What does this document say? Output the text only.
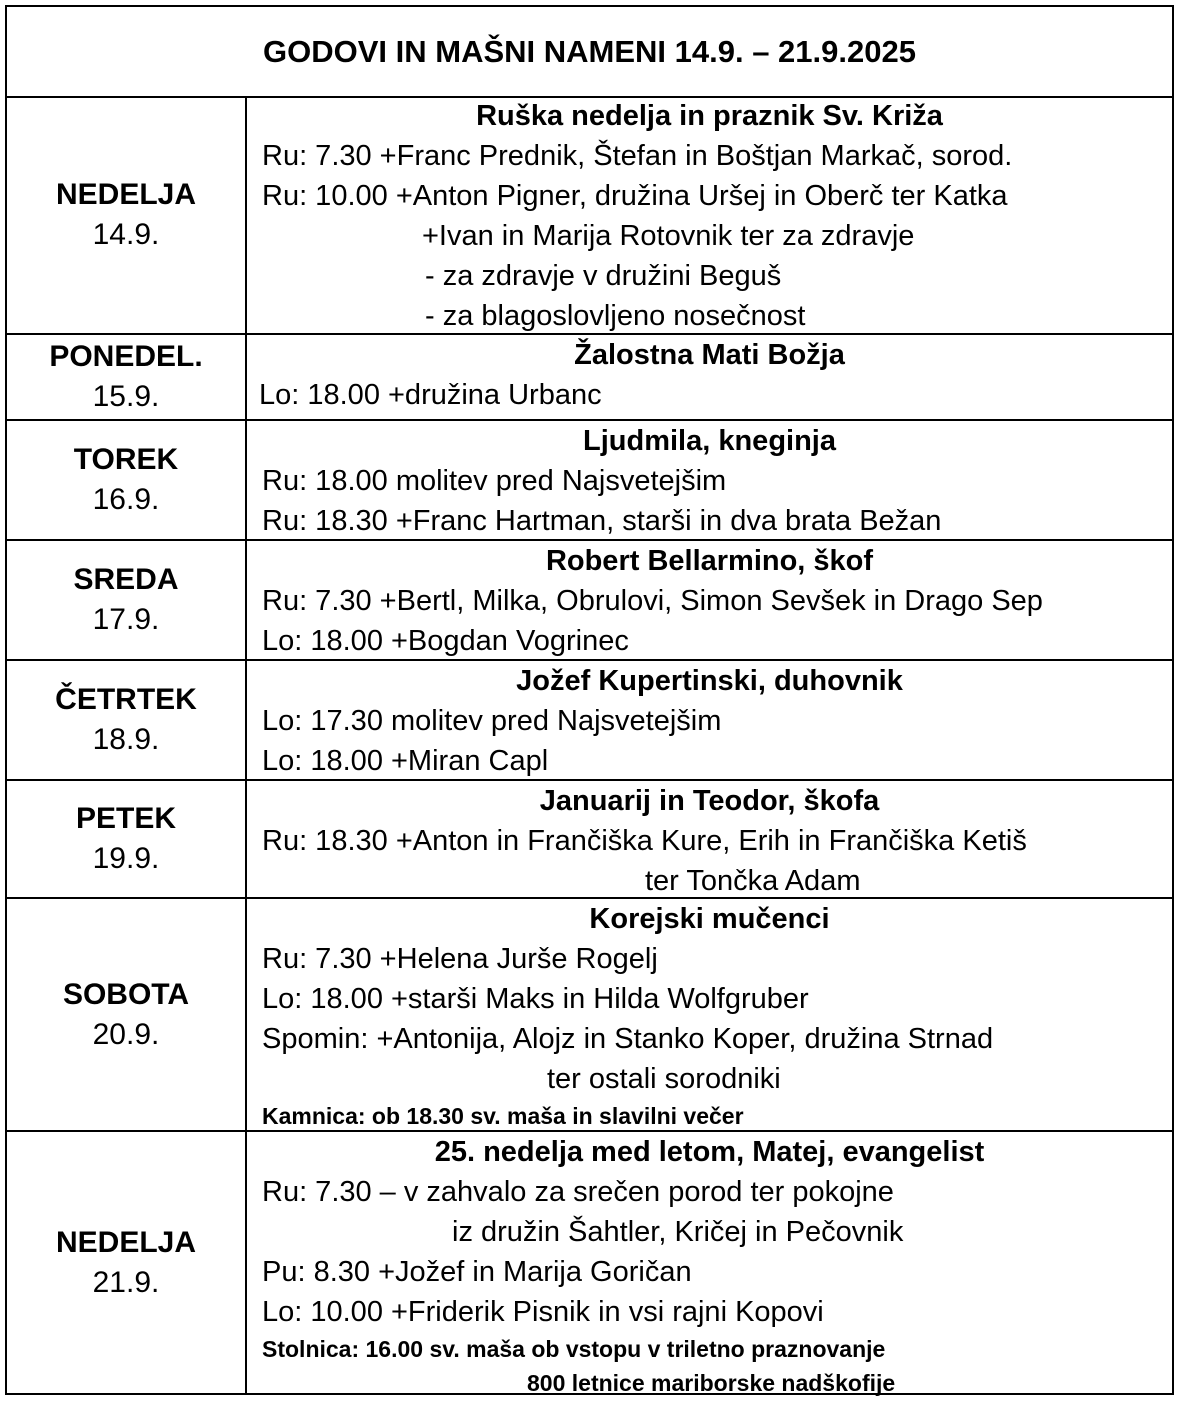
GODOVI IN MAŠNI NAMENI 14.9. – 21.9.2025
NEDELJA
14.9.
Ruška nedelja in praznik Sv. Križa
Ru: 7.30 +Franc Prednik, Štefan in Boštjan Markač, sorod.
Ru: 10.00 +Anton Pigner, družina Uršej in Oberč ter Katka
+Ivan in Marija Rotovnik ter za zdravje
- za zdravje v družini Beguš
- za blagoslovljeno nosečnost
PONEDEL.
15.9.
Žalostna Mati Božja
Lo: 18.00 +družina Urbanc
TOREK
16.9.
Ljudmila, kneginja
Ru: 18.00 molitev pred Najsvetejšim
Ru: 18.30 +Franc Hartman, starši in dva brata Bežan
SREDA
17.9.
Robert Bellarmino, škof
Ru: 7.30 +Bertl, Milka, Obrulovi, Simon Sevšek in Drago Sep
Lo: 18.00 +Bogdan Vogrinec
ČETRTEK
18.9.
Jožef Kupertinski, duhovnik
Lo: 17.30 molitev pred Najsvetejšim
Lo: 18.00 +Miran Capl
PETEK
19.9.
Januarij in Teodor, škofa
Ru: 18.30 +Anton in Frančiška Kure, Erih in Frančiška Ketiš
ter Tončka Adam
SOBOTA
20.9.
Korejski mučenci
Ru: 7.30 +Helena Jurše Rogelj
Lo: 18.00 +starši Maks in Hilda Wolfgruber
Spomin: +Antonija, Alojz in Stanko Koper, družina Strnad
ter ostali sorodniki
Kamnica: ob 18.30 sv. maša in slavilni večer
NEDELJA
21.9.
25. nedelja med letom, Matej, evangelist
Ru: 7.30 – v zahvalo za srečen porod ter pokojne
iz družin Šahtler, Kričej in Pečovnik
Pu: 8.30 +Jožef in Marija Goričan
Lo: 10.00 +Friderik Pisnik in vsi rajni Kopovi
Stolnica: 16.00 sv. maša ob vstopu v triletno praznovanje
800 letnice mariborske nadškofije
